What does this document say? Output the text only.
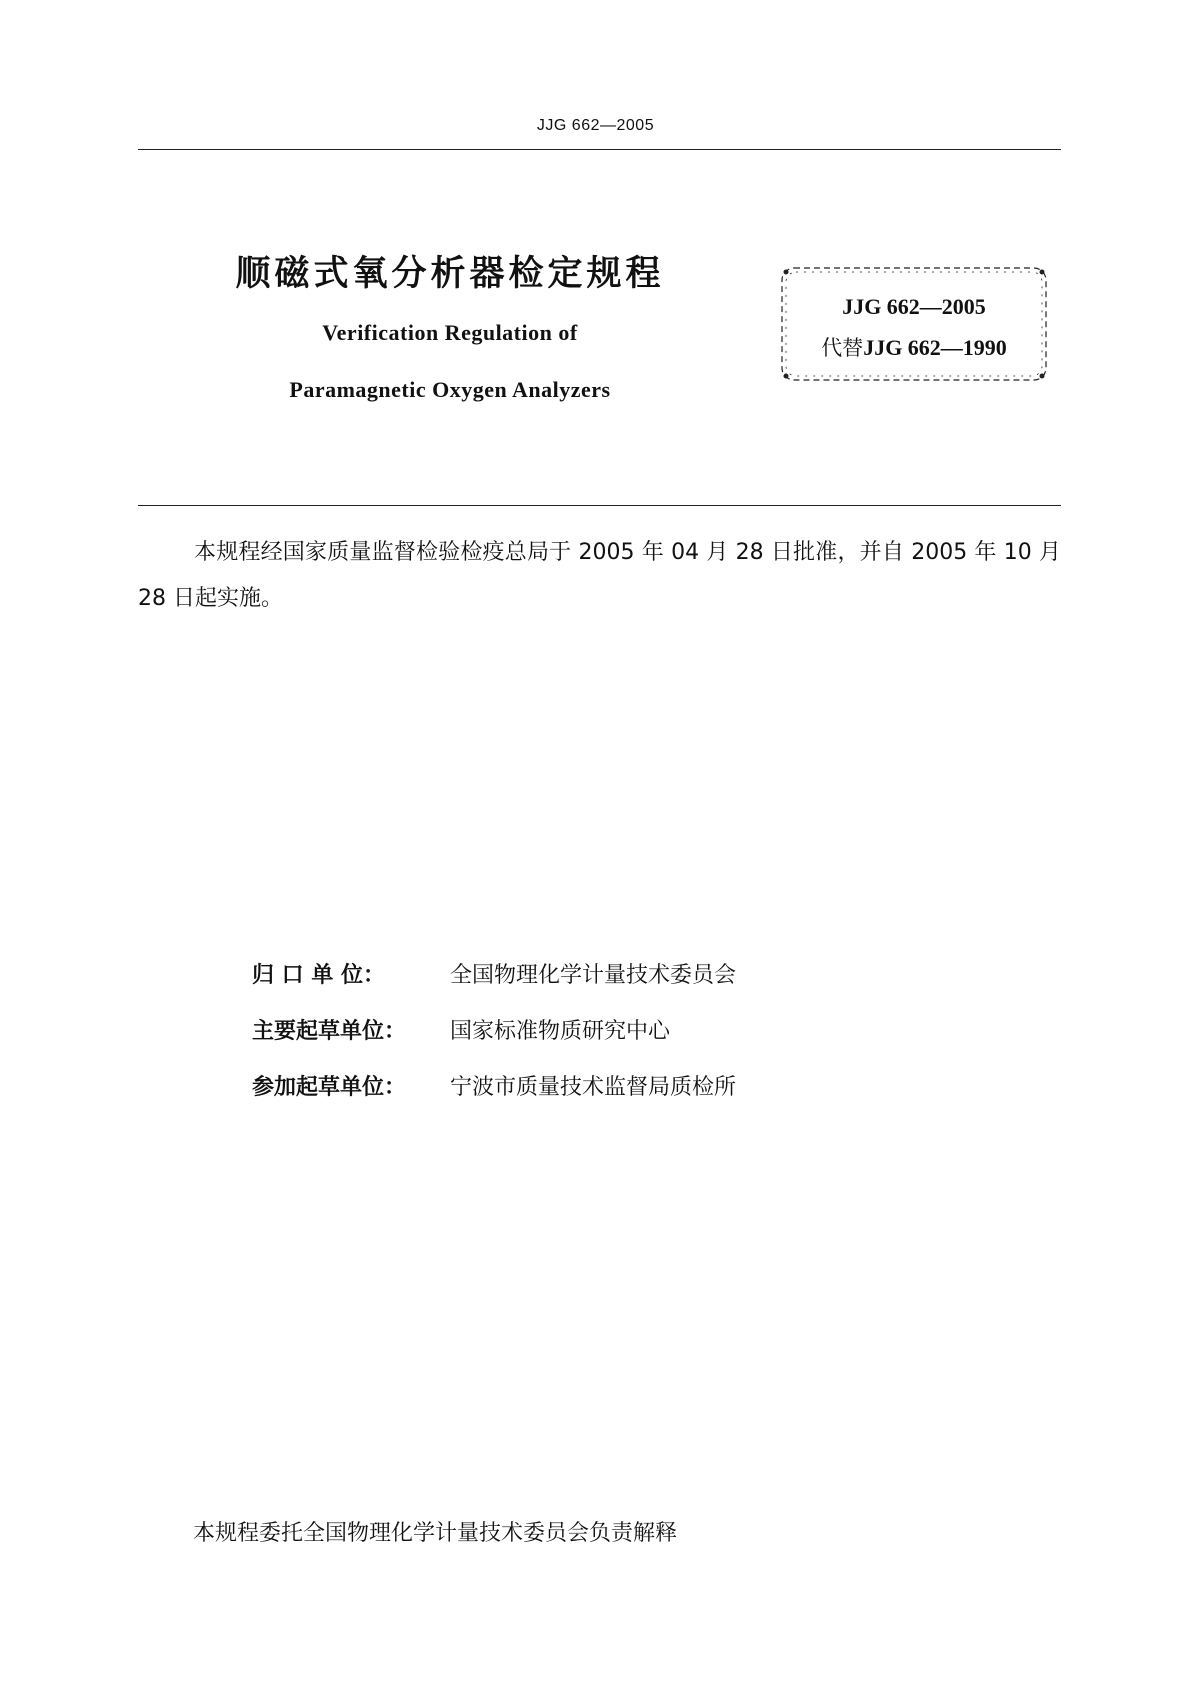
JJG 662—2005
顺磁式氧分析器检定规程
Verification Regulation of
Paramagnetic Oxygen Analyzers
JJG 662—2005
代替JJG 662—1990
本规程经国家质量监督检验检疫总局于 2005 年 04 月 28 日批准，并自 2005 年 10 月 28 日起实施。
归 口 单 位：	全国物理化学计量技术委员会
主要起草单位： 国家标准物质研究中心
参加起草单位： 宁波市质量技术监督局质检所
本规程委托全国物理化学计量技术委员会负责解释
